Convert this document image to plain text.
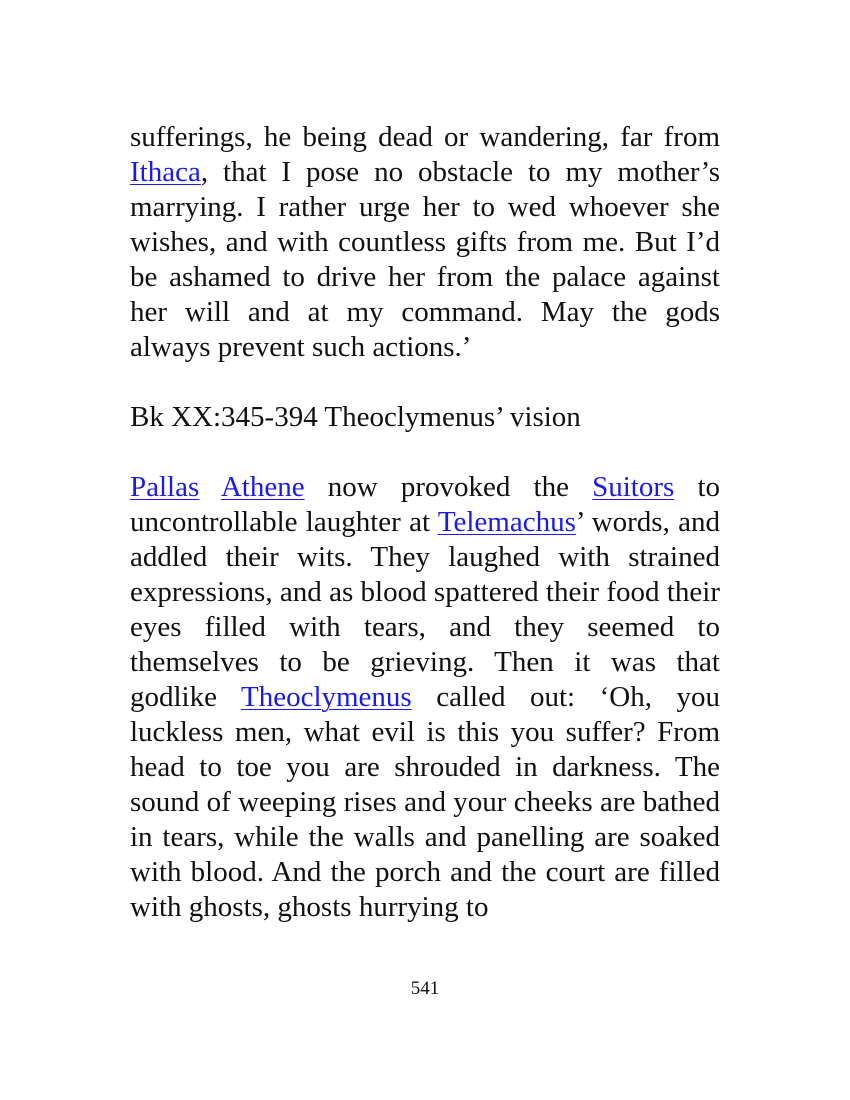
sufferings, he being dead or wandering, far from Ithaca, that I pose no obstacle to my mother’s marrying. I rather urge her to wed whoever she wishes, and with countless gifts from me. But I’d be ashamed to drive her from the palace against her will and at my command. May the gods always prevent such actions.’

Bk XX:345-394 Theoclymenus’ vision

Pallas Athene now provoked the Suitors to uncontrollable laughter at Telemachus’ words, and addled their wits. They laughed with strained expressions, and as blood spattered their food their eyes filled with tears, and they seemed to themselves to be grieving. Then it was that godlike Theoclymenus called out: ‘Oh, you luckless men, what evil is this you suffer? From head to toe you are shrouded in darkness. The sound of weeping rises and your cheeks are bathed in tears, while the walls and panelling are soaked with blood. And the porch and the court are filled with ghosts, ghosts hurrying to

541
